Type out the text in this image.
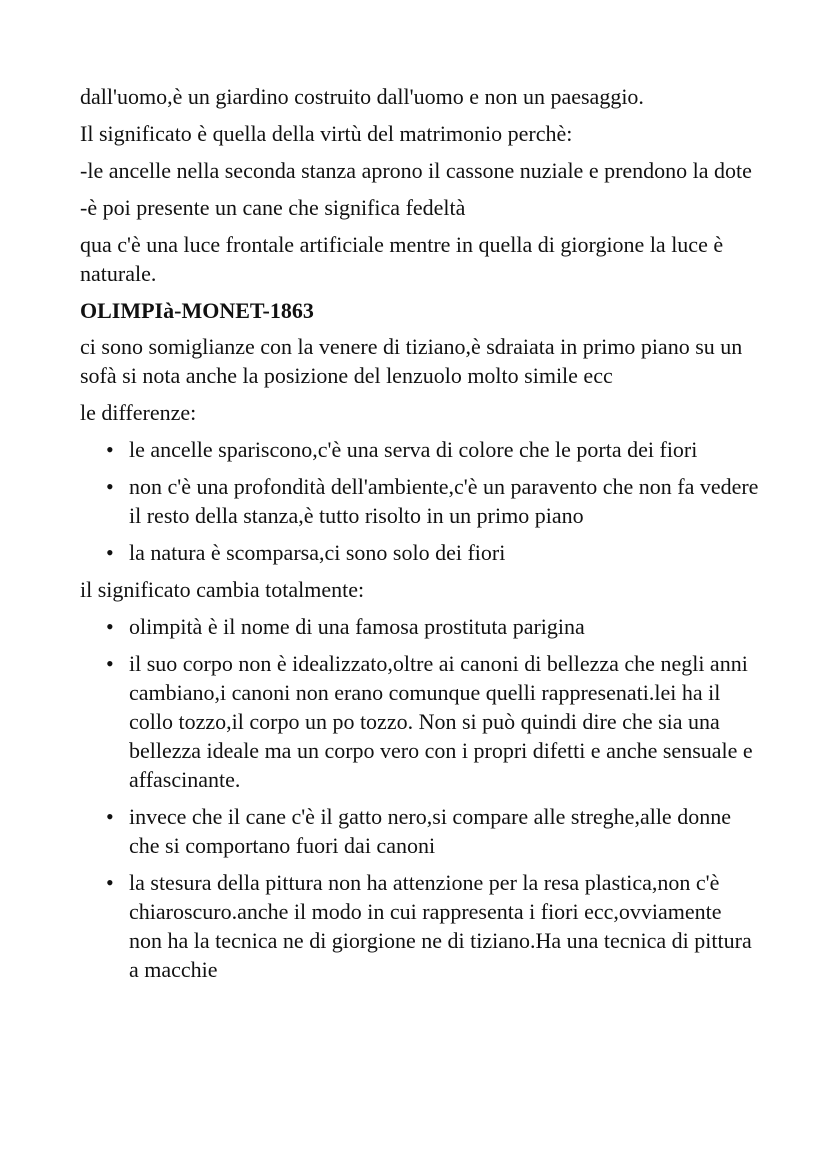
dall'uomo,è un giardino costruito dall'uomo e non un paesaggio.

Il significato è quella della virtù del matrimonio perchè:

-le ancelle nella seconda stanza aprono il cassone nuziale e prendono la dote

-è poi presente un cane che significa fedeltà

qua c'è una luce frontale artificiale mentre in quella di giorgione la luce è naturale.

OLIMPIà-MONET-1863

ci sono somiglianze con la venere di tiziano,è sdraiata in primo piano su un sofà si nota anche la posizione del lenzuolo molto simile ecc

le differenze:

• le ancelle spariscono,c'è una serva di colore che le porta dei fiori
• non c'è una profondità dell'ambiente,c'è un paravento che non fa vedere il resto della stanza,è tutto risolto in un primo piano
• la natura è scomparsa,ci sono solo dei fiori

il significato cambia totalmente:

• olimpità è il nome di una famosa prostituta parigina
• il suo corpo non è idealizzato,oltre ai canoni di bellezza che negli anni cambiano,i canoni non erano comunque quelli rappresenati.lei ha il collo tozzo,il corpo un po tozzo. Non si può quindi dire che sia una bellezza ideale ma un corpo vero con i propri difetti e anche sensuale e affascinante.
• invece che il cane c'è il gatto nero,si compare alle streghe,alle donne che si comportano fuori dai canoni
• la stesura della pittura non ha attenzione per la resa plastica,non c'è chiaroscuro.anche il modo in cui rappresenta i fiori ecc,ovviamente non ha la tecnica ne di giorgione ne di tiziano.Ha una tecnica di pittura a macchie
